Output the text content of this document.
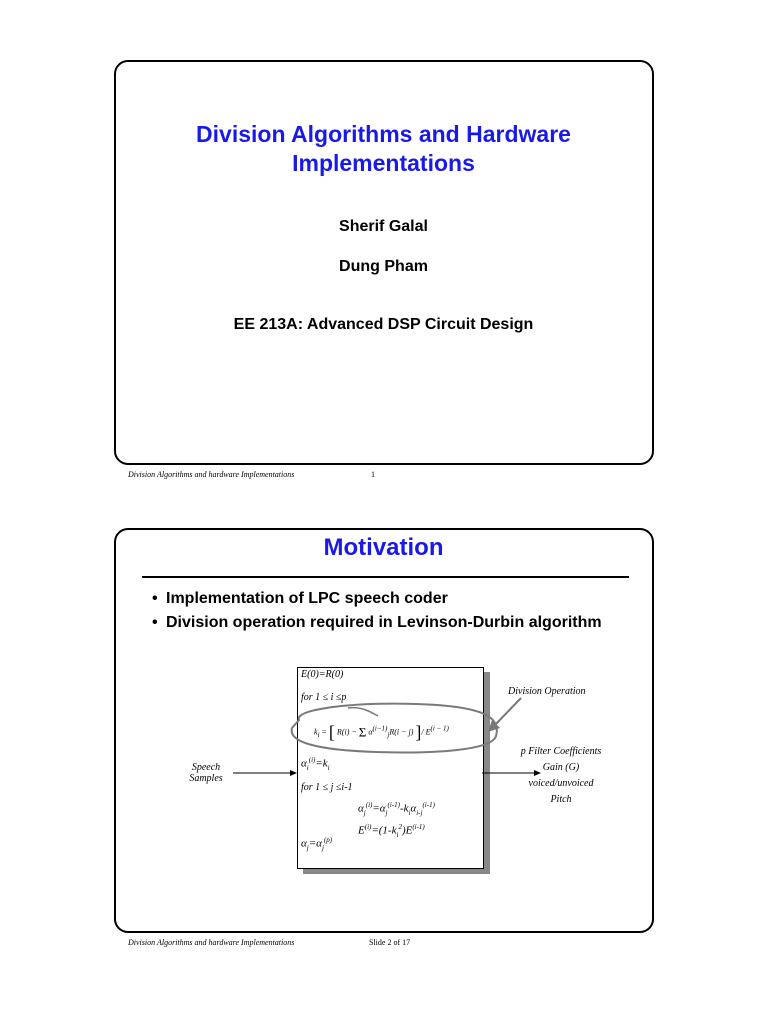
Division Algorithms and Hardware
Implementations
Sherif Galal
Dung Pham
EE 213A: Advanced DSP Circuit Design
Division Algorithms and hardware Implementations	1
Motivation
• Implementation of LPC speech coder
• Division operation required in Levinson-Durbin algorithm
E(0)=R(0)
for 1 ≤ i ≤p
$k_i$ = [ R(i) − Σ $\alpha^{(i-1)}_jR(i - j)$ ]/ $E^{(i - 1)}$
$\alpha_i^{(i)}=k_i$
for 1 ≤ j ≤i-1
$\alpha_j^{(i)}=\alpha_j^{(i-1)}-k_i\alpha_{i-j}^{(i-1)}$
$E^{(i)}=(1-k_i^2)E^{(i-1)}$
$\alpha_j=\alpha_j^{(p)}$
Division Operation
Speech
Samples
p Filter Coefficients
Gain (G)
voiced/unvoiced
Pitch
Division Algorithms and hardware Implementations	Slide 2 of 17
